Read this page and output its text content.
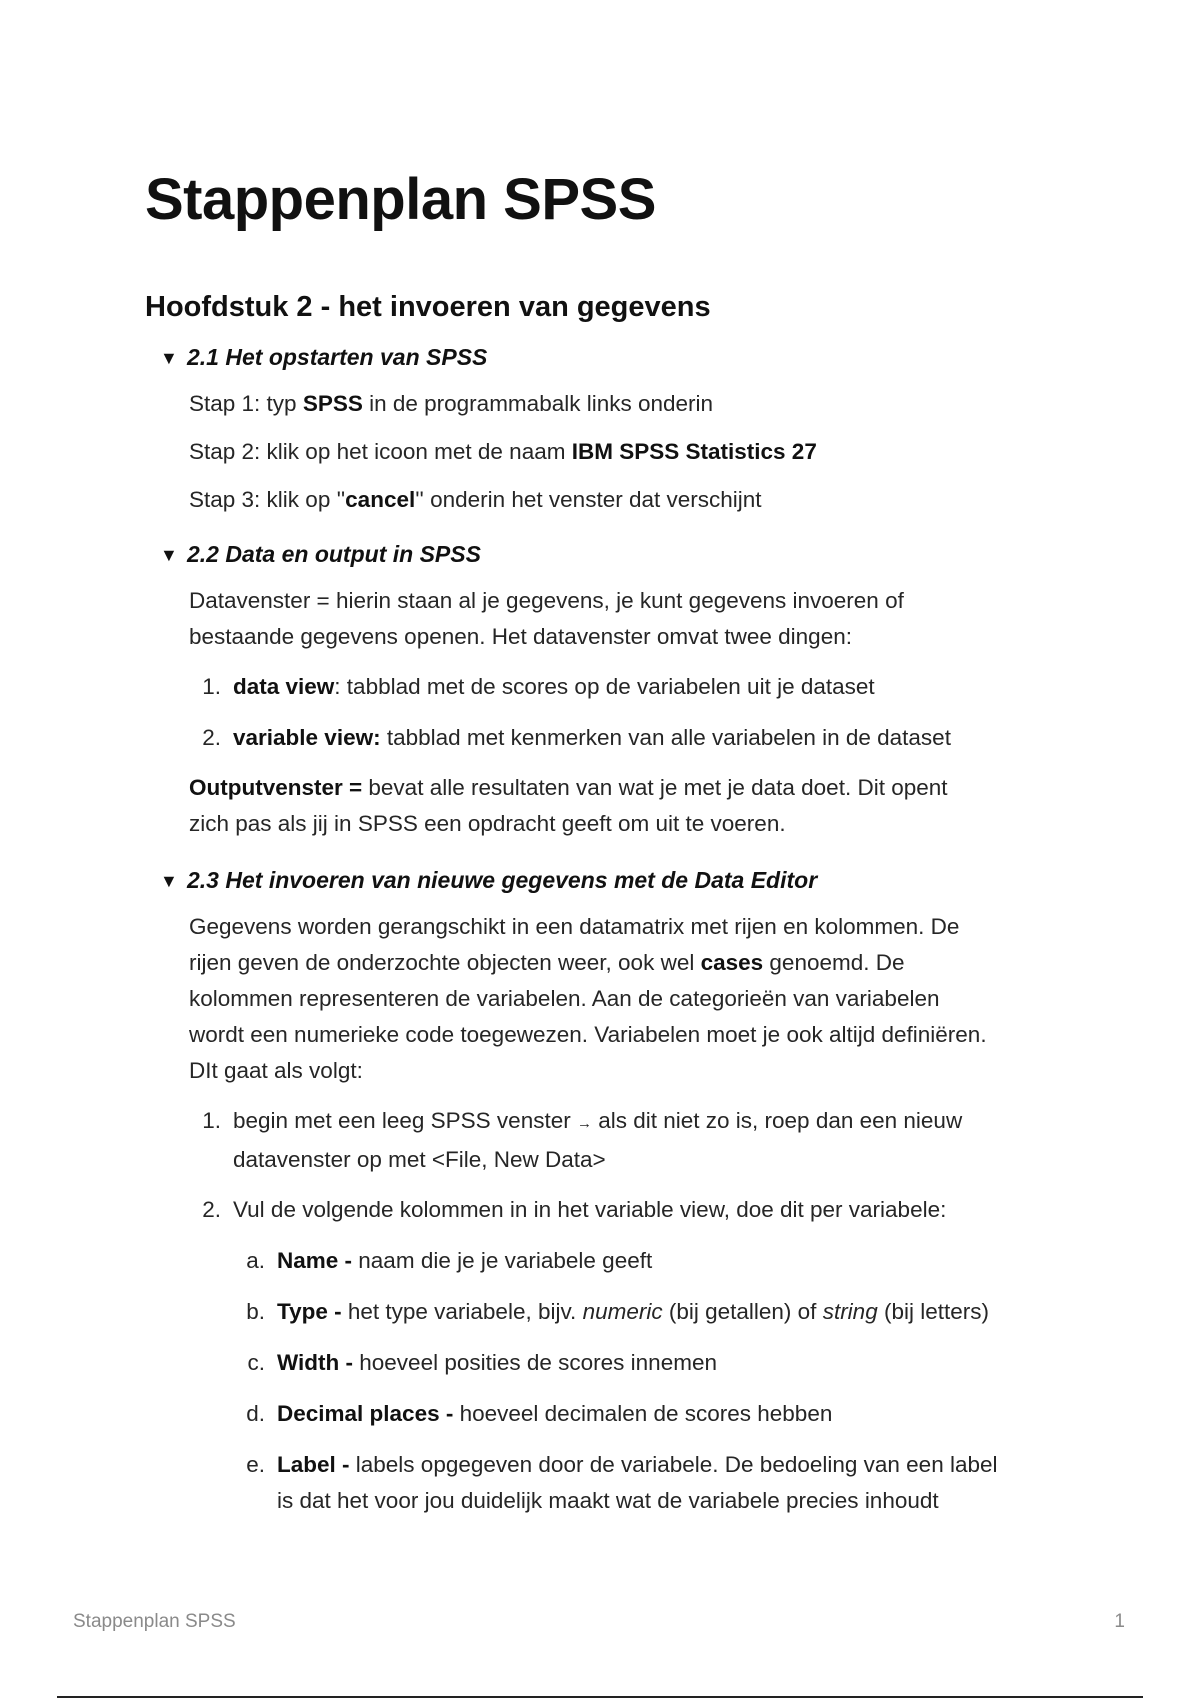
Stappenplan SPSS
Hoofdstuk 2 - het invoeren van gegevens
▼ 2.1 Het opstarten van SPSS

Stap 1: typ SPSS in de programmabalk links onderin

Stap 2: klik op het icoon met de naam IBM SPSS Statistics 27

Stap 3: klik op ''cancel'' onderin het venster dat verschijnt

▼ 2.2 Data en output in SPSS

Datavenster = hierin staan al je gegevens, je kunt gegevens invoeren of
bestaande gegevens openen. Het datavenster omvat twee dingen:

1. data view: tabblad met de scores op de variabelen uit je dataset
2. variable view: tabblad met kenmerken van alle variabelen in de dataset

Outputvenster = bevat alle resultaten van wat je met je data doet. Dit opent
zich pas als jij in SPSS een opdracht geeft om uit te voeren.

▼ 2.3 Het invoeren van nieuwe gegevens met de Data Editor

Gegevens worden gerangschikt in een datamatrix met rijen en kolommen. De
rijen geven de onderzochte objecten weer, ook wel cases genoemd. De
kolommen representeren de variabelen. Aan de categorieën van variabelen
wordt een numerieke code toegewezen. Variabelen moet je ook altijd definiëren.
DIt gaat als volgt:

1. begin met een leeg SPSS venster → als dit niet zo is, roep dan een nieuw
datavenster op met <File, New Data>
2. Vul de volgende kolommen in in het variable view, doe dit per variabele:
a. Name - naam die je je variabele geeft
b. Type - het type variabele, bijv. numeric (bij getallen) of string (bij letters)
c. Width - hoeveel posities de scores innemen
d. Decimal places - hoeveel decimalen de scores hebben
e. Label - labels opgegeven door de variabele. De bedoeling van een label
is dat het voor jou duidelijk maakt wat de variabele precies inhoudt
Stappenplan SPSS	1
